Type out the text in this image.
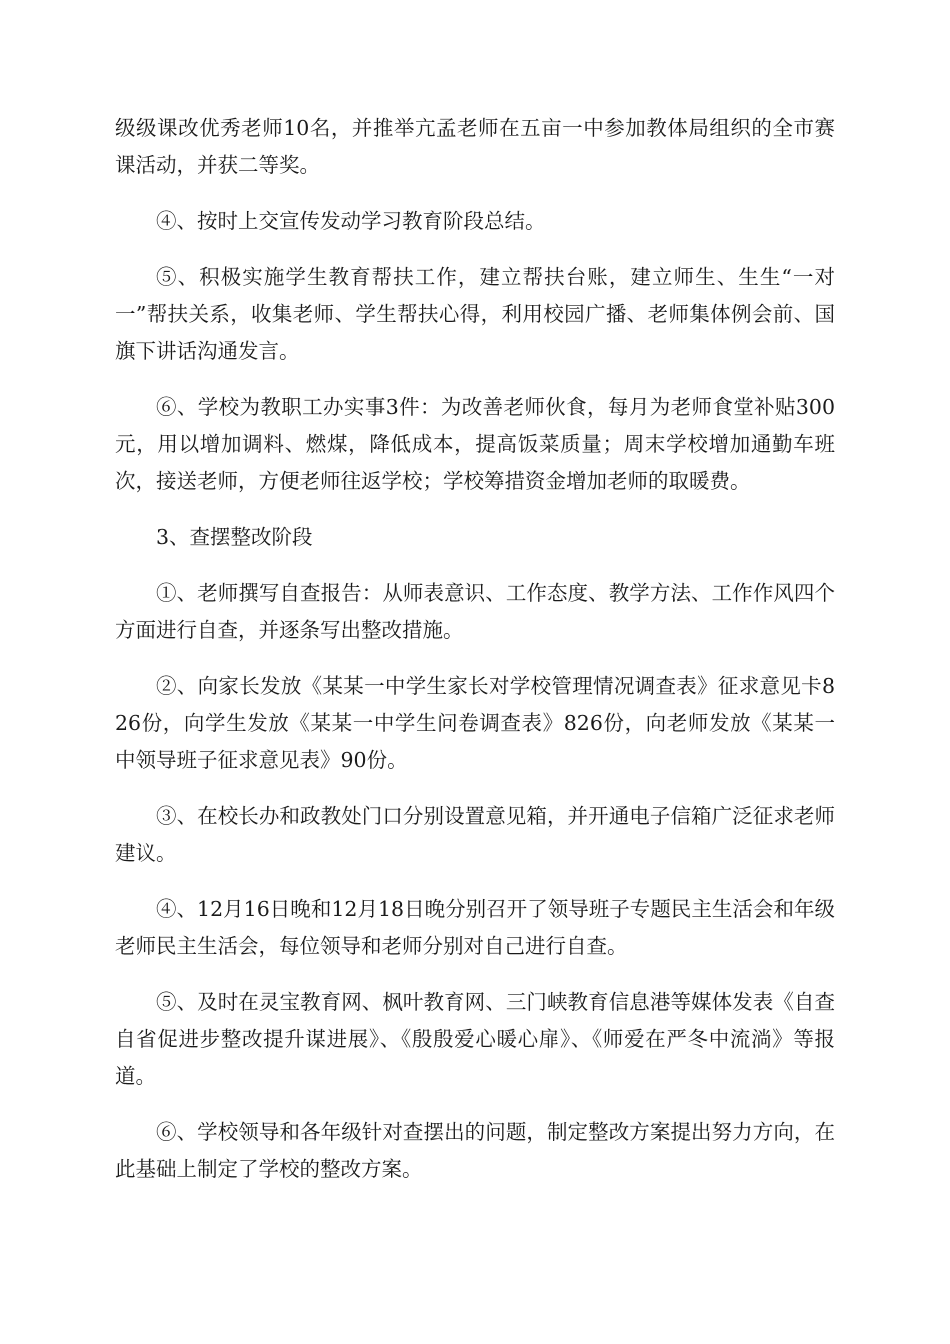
级级课改优秀老师10名，并推举亢孟老师在五亩一中参加教体局组织的全市赛课活动，并获二等奖。

④、按时上交宣传发动学习教育阶段总结。

⑤、积极实施学生教育帮扶工作，建立帮扶台账，建立师生、生生“一对一”帮扶关系，收集老师、学生帮扶心得，利用校园广播、老师集体例会前、国旗下讲话沟通发言。

⑥、学校为教职工办实事3件：为改善老师伙食，每月为老师食堂补贴300元，用以增加调料、燃煤，降低成本，提高饭菜质量；周末学校增加通勤车班次，接送老师，方便老师往返学校；学校筹措资金增加老师的取暖费。

3、查摆整改阶段

①、老师撰写自查报告：从师表意识、工作态度、教学方法、工作作风四个方面进行自查，并逐条写出整改措施。

②、向家长发放《某某一中学生家长对学校管理情况调查表》征求意见卡826份，向学生发放《某某一中学生问卷调查表》826份，向老师发放《某某一中领导班子征求意见表》90份。

③、在校长办和政教处门口分别设置意见箱，并开通电子信箱广泛征求老师建议。

④、12月16日晚和12月18日晚分别召开了领导班子专题民主生活会和年级老师民主生活会，每位领导和老师分别对自己进行自查。

⑤、及时在灵宝教育网、枫叶教育网、三门峡教育信息港等媒体发表《自查自省促进步整改提升谋进展》、《殷殷爱心暖心扉》、《师爱在严冬中流淌》等报道。

⑥、学校领导和各年级针对查摆出的问题，制定整改方案提出努力方向，在此基础上制定了学校的整改方案。
